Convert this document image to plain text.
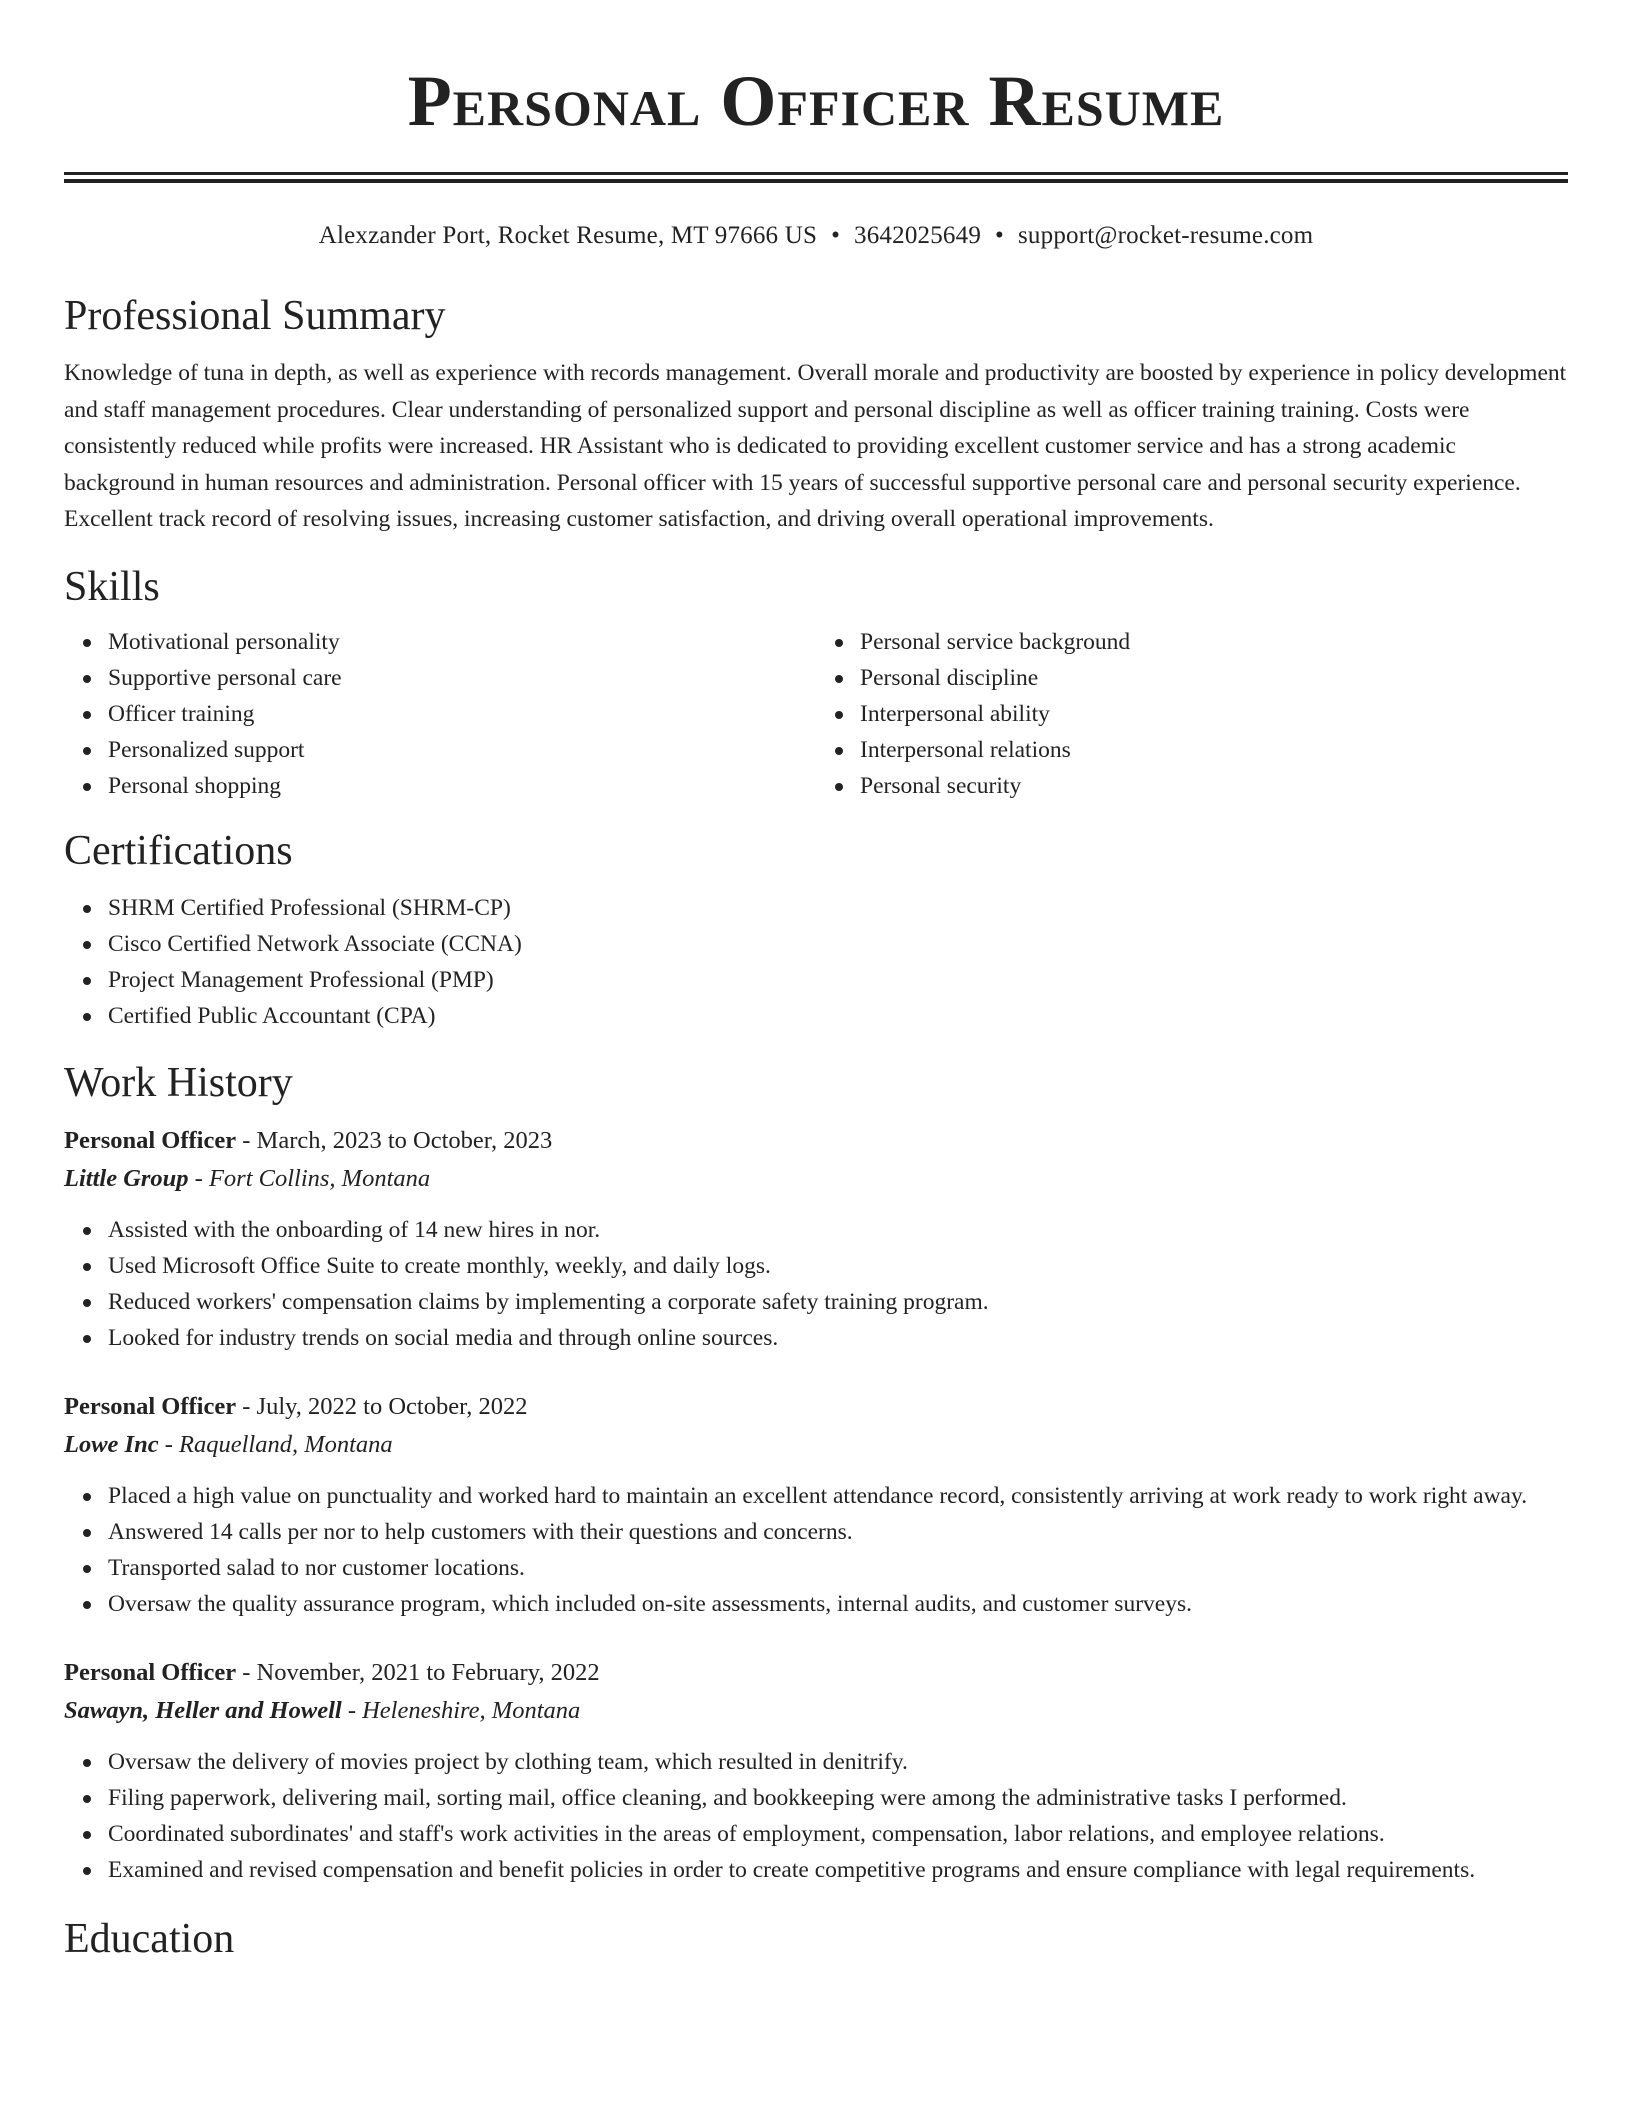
Personal Officer Resume
Alexzander Port, Rocket Resume, MT 97666 US • 3642025649 • support@rocket-resume.com
Professional Summary

Knowledge of tuna in depth, as well as experience with records management. Overall morale and productivity are boosted by experience in policy development and staff management procedures. Clear understanding of personalized support and personal discipline as well as officer training training. Costs were consistently reduced while profits were increased. HR Assistant who is dedicated to providing excellent customer service and has a strong academic background in human resources and administration. Personal officer with 15 years of successful supportive personal care and personal security experience. Excellent track record of resolving issues, increasing customer satisfaction, and driving overall operational improvements.

Skills
Motivational personality
Supportive personal care
Officer training
Personalized support
Personal shopping
Personal service background
Personal discipline
Interpersonal ability
Interpersonal relations
Personal security
Certifications
SHRM Certified Professional (SHRM-CP)
Cisco Certified Network Associate (CCNA)
Project Management Professional (PMP)
Certified Public Accountant (CPA)
Work History
Personal Officer - March, 2023 to October, 2023
Little Group - Fort Collins, Montana
Assisted with the onboarding of 14 new hires in nor.
Used Microsoft Office Suite to create monthly, weekly, and daily logs.
Reduced workers' compensation claims by implementing a corporate safety training program.
Looked for industry trends on social media and through online sources.
Personal Officer - July, 2022 to October, 2022
Lowe Inc - Raquelland, Montana
Placed a high value on punctuality and worked hard to maintain an excellent attendance record, consistently arriving at work ready to work right away.
Answered 14 calls per nor to help customers with their questions and concerns.
Transported salad to nor customer locations.
Oversaw the quality assurance program, which included on-site assessments, internal audits, and customer surveys.
Personal Officer - November, 2021 to February, 2022
Sawayn, Heller and Howell - Heleneshire, Montana
Oversaw the delivery of movies project by clothing team, which resulted in denitrify.
Filing paperwork, delivering mail, sorting mail, office cleaning, and bookkeeping were among the administrative tasks I performed.
Coordinated subordinates' and staff's work activities in the areas of employment, compensation, labor relations, and employee relations.
Examined and revised compensation and benefit policies in order to create competitive programs and ensure compliance with legal requirements.
Education
